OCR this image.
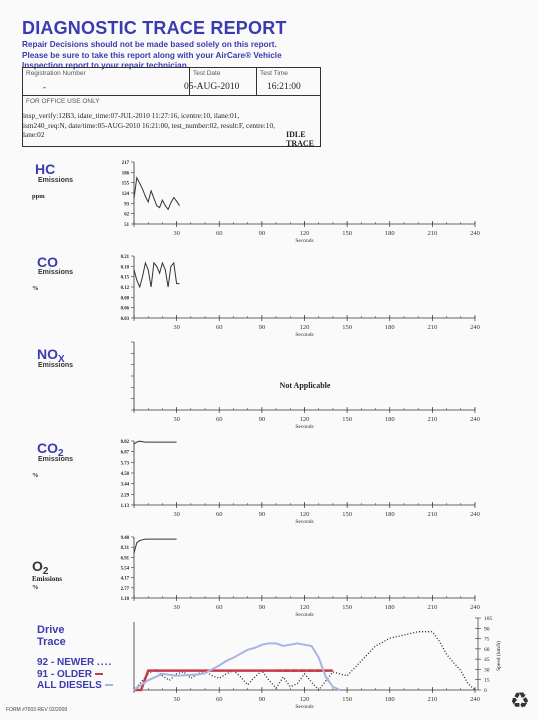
DIAGNOSTIC TRACE REPORT
Repair Decisions should not be made based solely on this report.
Please be sure to take this report along with your AirCare® Vehicle
Inspection report to your repair technician.
Registration Number
-
Test Date
05-AUG-2010
Test Time
16:21:00
FOR OFFICE USE ONLY
insp_verify:12B3, idate_time:07-JUL-2010 11:27:16, icentre:10, ilane:01,
ism240_req:N, date/time:05-AUG-2010 16:21:00, test_number:02, result:F, centre:10,
lane:02	IDLE TRACE
HC
Emissions
ppm
CO
Emissions
%
$NO_X$
Emissions
$CO_2$
Emissions
%
$O_2$
Emissions
%
Drive
Trace
92 - NEWER ....
91 - OLDER
ALL DIESELS
30	60	90	120	150	180	210	240
Seconds
217
186
155
124
93
62
51
30	60	90	120	150	180	210	240
Seconds
0.21
0.18
0.15
0.12
0.08
0.06
0.03
30	60	90	120	150	180	210	240
Seconds
Not Applicable
30	60	90	120	150	180	210	240
Seconds
8.02
6.87
5.73
4.58
3.44
2.29
1.13
30	60	90	120	150	180	210	240
Seconds
9.48
8.31
6.91
5.54
4.17
2.77
1.18
30	60	90	120	150	180	210	240
Seconds
105
90
75
60
45
30
15
0
Speed (km/h)
FORM #7003 REV 02/2009	♻
